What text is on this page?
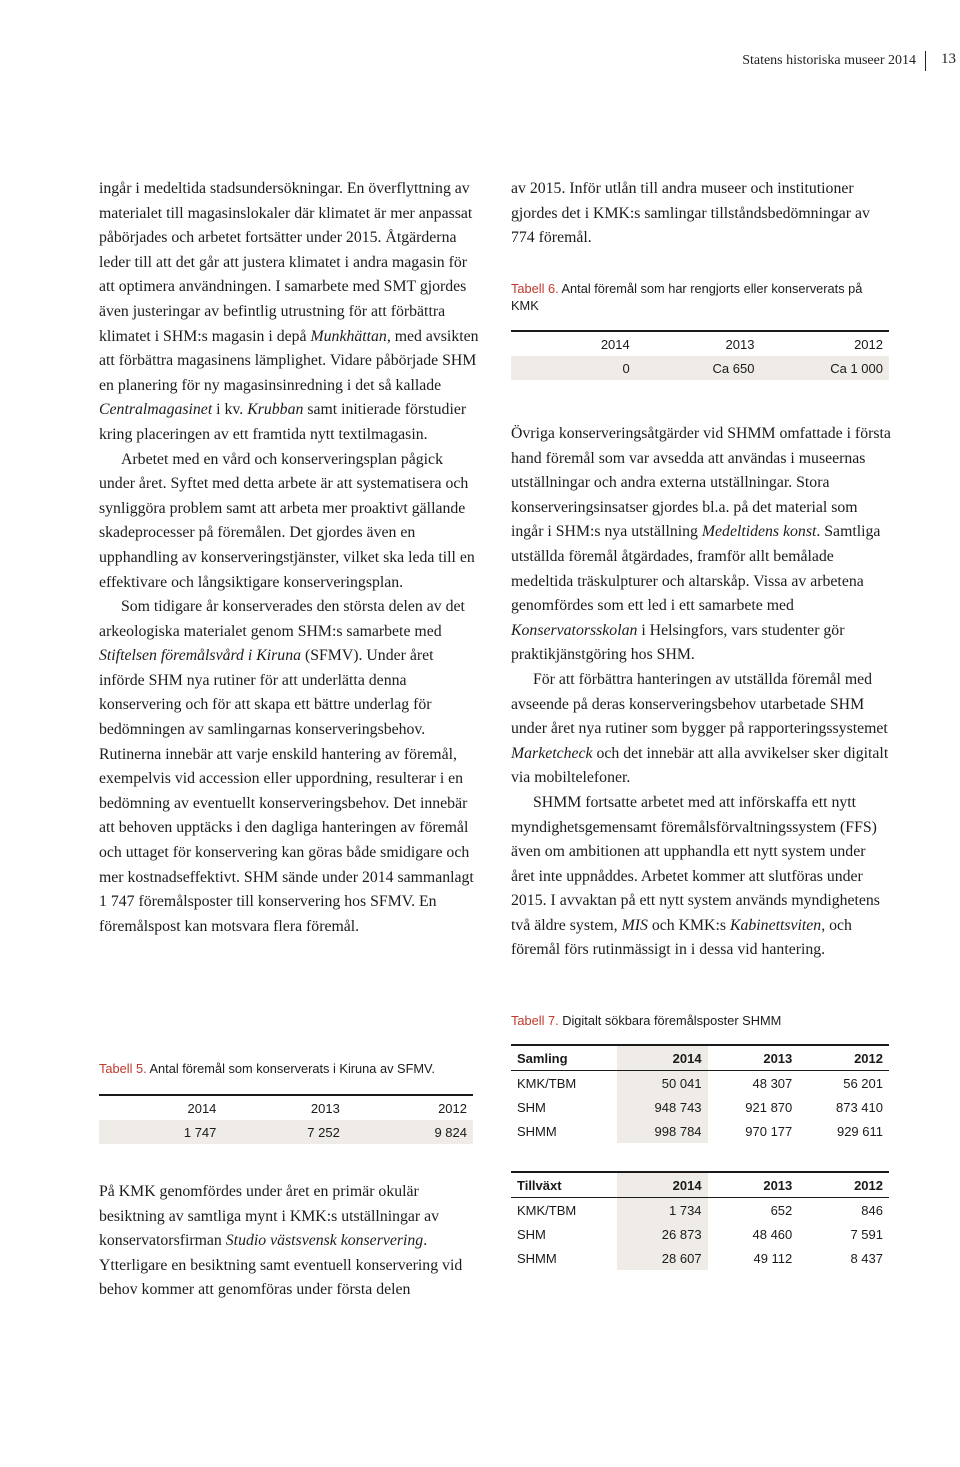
Statens historiska museer 2014 13

ingår i medeltida stadsundersökningar. En överflyttning av materialet till magasinslokaler där klimatet är mer anpassat påbörjades och arbetet fortsätter under 2015. Åtgärderna leder till att det går att justera klimatet i andra magasin för att optimera användningen. I samarbete med SMT gjordes även justeringar av befintlig utrustning för att förbättra klimatet i SHM:s magasin i depå Munkhättan, med avsikten att förbättra magasinens lämplighet. Vidare påbörjade SHM en planering för ny magasinsinredning i det så kallade Centralmagasinet i kv. Krubban samt initierade förstudier kring placeringen av ett framtida nytt textilmagasin.

Arbetet med en vård och konserveringsplan pågick under året. Syftet med detta arbete är att systematisera och synliggöra problem samt att arbeta mer proaktivt gällande skadeprocesser på föremålen. Det gjordes även en upphandling av konserveringstjänster, vilket ska leda till en effektivare och långsiktigare konserveringsplan.

Som tidigare år konserverades den största delen av det arkeologiska materialet genom SHM:s samarbete med Stiftelsen föremålsvård i Kiruna (SFMV). Under året införde SHM nya rutiner för att underlätta denna konservering och för att skapa ett bättre underlag för bedömningen av samlingarnas konserveringsbehov. Rutinerna innebär att varje enskild hantering av föremål, exempelvis vid accession eller uppordning, resulterar i en bedömning av eventuellt konserveringsbehov. Det innebär att behoven upptäcks i den dagliga hanteringen av föremål och uttaget för konservering kan göras både smidigare och mer kostnadseffektivt. SHM sände under 2014 sammanlagt 1 747 föremålsposter till konservering hos SFMV. En föremålspost kan motsvara flera föremål.

Tabell 5. Antal föremål som konserverats i Kiruna av SFMV.
2014	2013	2012
1 747	7 252	9 824

På KMK genomfördes under året en primär okulär besiktning av samtliga mynt i KMK:s utställningar av konservatorsfirman Studio västsvensk konservering. Ytterligare en besiktning samt eventuell konservering vid behov kommer att genomföras under första delen

av 2015. Inför utlån till andra museer och institutioner gjordes det i KMK:s samlingar tillståndsbedömningar av 774 föremål.

Tabell 6. Antal föremål som har rengjorts eller konserverats på KMK
2014	2013	2012
0	Ca 650	Ca 1 000

Övriga konserveringsåtgärder vid SHMM omfattade i första hand föremål som var avsedda att användas i museernas utställningar och andra externa utställningar. Stora konserveringsinsatser gjordes bl.a. på det material som ingår i SHM:s nya utställning Medeltidens konst. Samtliga utställda föremål åtgärdades, framför allt bemålade medeltida träskulpturer och altarskåp. Vissa av arbetena genomfördes som ett led i ett samarbete med Konservatorsskolan i Helsingfors, vars studenter gör praktikjänstgöring hos SHM.

För att förbättra hanteringen av utställda föremål med avseende på deras konserveringsbehov utarbetade SHM under året nya rutiner som bygger på rapporteringssystemet Marketcheck och det innebär att alla avvikelser sker digitalt via mobiltelefoner.

SHMM fortsatte arbetet med att införskaffa ett nytt myndighetsgemensamt föremålsförvaltningssystem (FFS) även om ambitionen att upphandla ett nytt system under året inte uppnåddes. Arbetet kommer att slutföras under 2015. I avvaktan på ett nytt system används myndighetens två äldre system, MIS och KMK:s Kabinettsviten, och föremål förs rutinmässigt in i dessa vid hantering.

Tabell 7. Digitalt sökbara föremålsposter SHMM
Samling	2014	2013	2012
KMK/TBM	50 041	48 307	56 201
SHM	948 743	921 870	873 410
SHMM	998 784	970 177	929 611
Tillväxt	2014	2013	2012
KMK/TBM	1 734	652	846
SHM	26 873	48 460	7 591
SHMM	28 607	49 112	8 437
